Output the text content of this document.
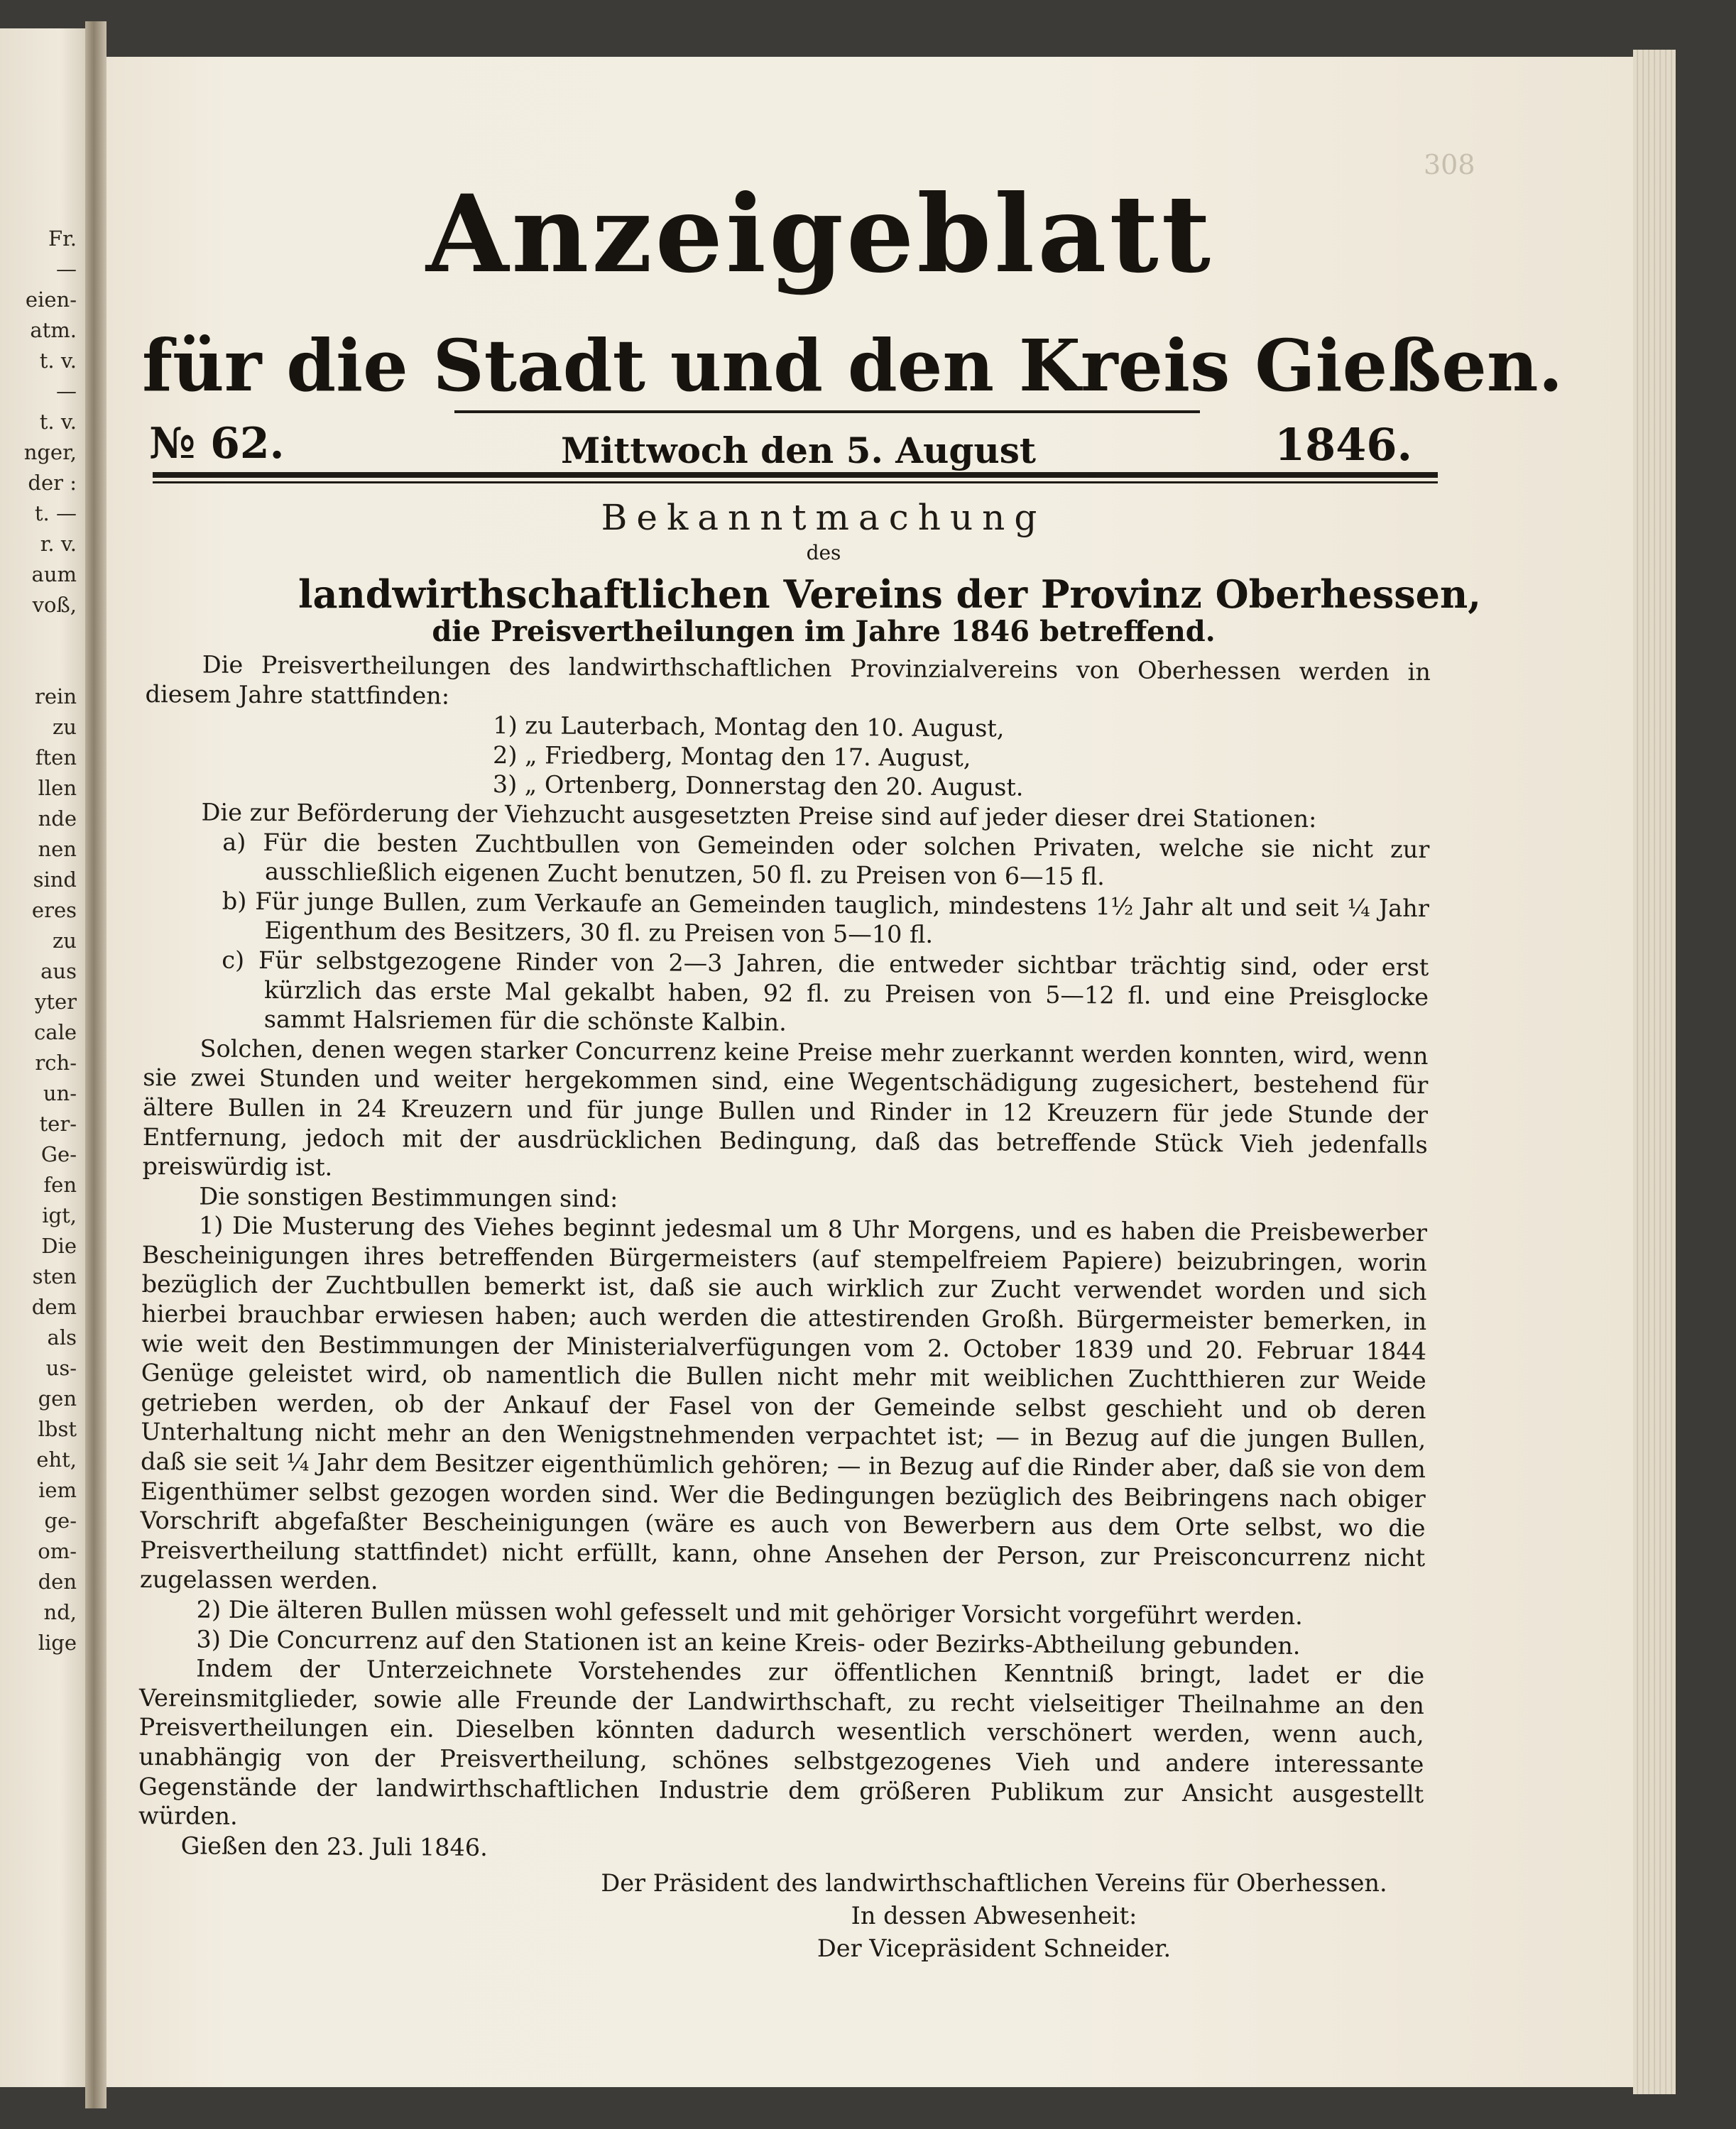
Fr.
—
eien-
atm.
t. v.
—
t. v.
nger,
der :
t. —
r. v.
aum
voß,
rein
zu
ften
llen
nde
nen
sind
eres
zu
aus
yter
cale
rch-
un-
ter-
Ge-
fen
igt,
Die
sten
dem
als
us-
gen
lbst
eht,
iem
ge-
om-
den
nd,
lige
308
Anzeigeblatt
für die Stadt und den Kreis Gießen.
№ 62.	Mittwoch den 5. August	1846.
Bekanntmachung
des
landwirthschaftlichen Vereins der Provinz Oberhessen,
die Preisvertheilungen im Jahre 1846 betreffend.

Die Preisvertheilungen des landwirthschaftlichen Provinzialvereins von Oberhessen werden in diesem Jahre stattfinden:

1) zu Lauterbach, Montag den 10. August,

2) „ Friedberg, Montag den 17. August,

3) „ Ortenberg, Donnerstag den 20. August.

Die zur Beförderung der Viehzucht ausgesetzten Preise sind auf jeder dieser drei Stationen:

a) Für die besten Zuchtbullen von Gemeinden oder solchen Privaten, welche sie nicht zur ausschließlich eigenen Zucht benutzen, 50 fl. zu Preisen von 6—15 fl.

b) Für junge Bullen, zum Verkaufe an Gemeinden tauglich, mindestens 1½ Jahr alt und seit ¼ Jahr Eigenthum des Besitzers, 30 fl. zu Preisen von 5—10 fl.

c) Für selbstgezogene Rinder von 2—3 Jahren, die entweder sichtbar trächtig sind, oder erst kürzlich das erste Mal gekalbt haben, 92 fl. zu Preisen von 5—12 fl. und eine Preisglocke sammt Halsriemen für die schönste Kalbin.

Solchen, denen wegen starker Concurrenz keine Preise mehr zuerkannt werden konnten, wird, wenn sie zwei Stunden und weiter hergekommen sind, eine Wegentschädigung zugesichert, bestehend für ältere Bullen in 24 Kreuzern und für junge Bullen und Rinder in 12 Kreuzern für jede Stunde der Entfernung, jedoch mit der ausdrücklichen Bedingung, daß das betreffende Stück Vieh jedenfalls preiswürdig ist.

Die sonstigen Bestimmungen sind:

1) Die Musterung des Viehes beginnt jedesmal um 8 Uhr Morgens, und es haben die Preisbewerber Bescheinigungen ihres betreffenden Bürgermeisters (auf stempelfreiem Papiere) beizubringen, worin bezüglich der Zuchtbullen bemerkt ist, daß sie auch wirklich zur Zucht verwendet worden und sich hierbei brauchbar erwiesen haben; auch werden die attestirenden Großh. Bürgermeister bemerken, in wie weit den Bestimmungen der Ministerialverfügungen vom 2. October 1839 und 20. Februar 1844 Genüge geleistet wird, ob namentlich die Bullen nicht mehr mit weiblichen Zuchtthieren zur Weide getrieben werden, ob der Ankauf der Fasel von der Gemeinde selbst geschieht und ob deren Unterhaltung nicht mehr an den Wenigstnehmenden verpachtet ist; — in Bezug auf die jungen Bullen, daß sie seit ¼ Jahr dem Besitzer eigenthümlich gehören; — in Bezug auf die Rinder aber, daß sie von dem Eigenthümer selbst gezogen worden sind. Wer die Bedingungen bezüglich des Beibringens nach obiger Vorschrift abgefaßter Bescheinigungen (wäre es auch von Bewerbern aus dem Orte selbst, wo die Preisvertheilung stattfindet) nicht erfüllt, kann, ohne Ansehen der Person, zur Preisconcurrenz nicht zugelassen werden.

2) Die älteren Bullen müssen wohl gefesselt und mit gehöriger Vorsicht vorgeführt werden.

3) Die Concurrenz auf den Stationen ist an keine Kreis- oder Bezirks-Abtheilung gebunden.

Indem der Unterzeichnete Vorstehendes zur öffentlichen Kenntniß bringt, ladet er die Vereinsmitglieder, sowie alle Freunde der Landwirthschaft, zu recht vielseitiger Theilnahme an den Preisvertheilungen ein. Dieselben könnten dadurch wesentlich verschönert werden, wenn auch, unabhängig von der Preisvertheilung, schönes selbstgezogenes Vieh und andere interessante Gegenstände der landwirthschaftlichen Industrie dem größeren Publikum zur Ansicht ausgestellt würden.

Gießen den 23. Juli 1846.

Der Präsident des landwirthschaftlichen Vereins für Oberhessen.
In dessen Abwesenheit:
Der Vicepräsident Schneider.
